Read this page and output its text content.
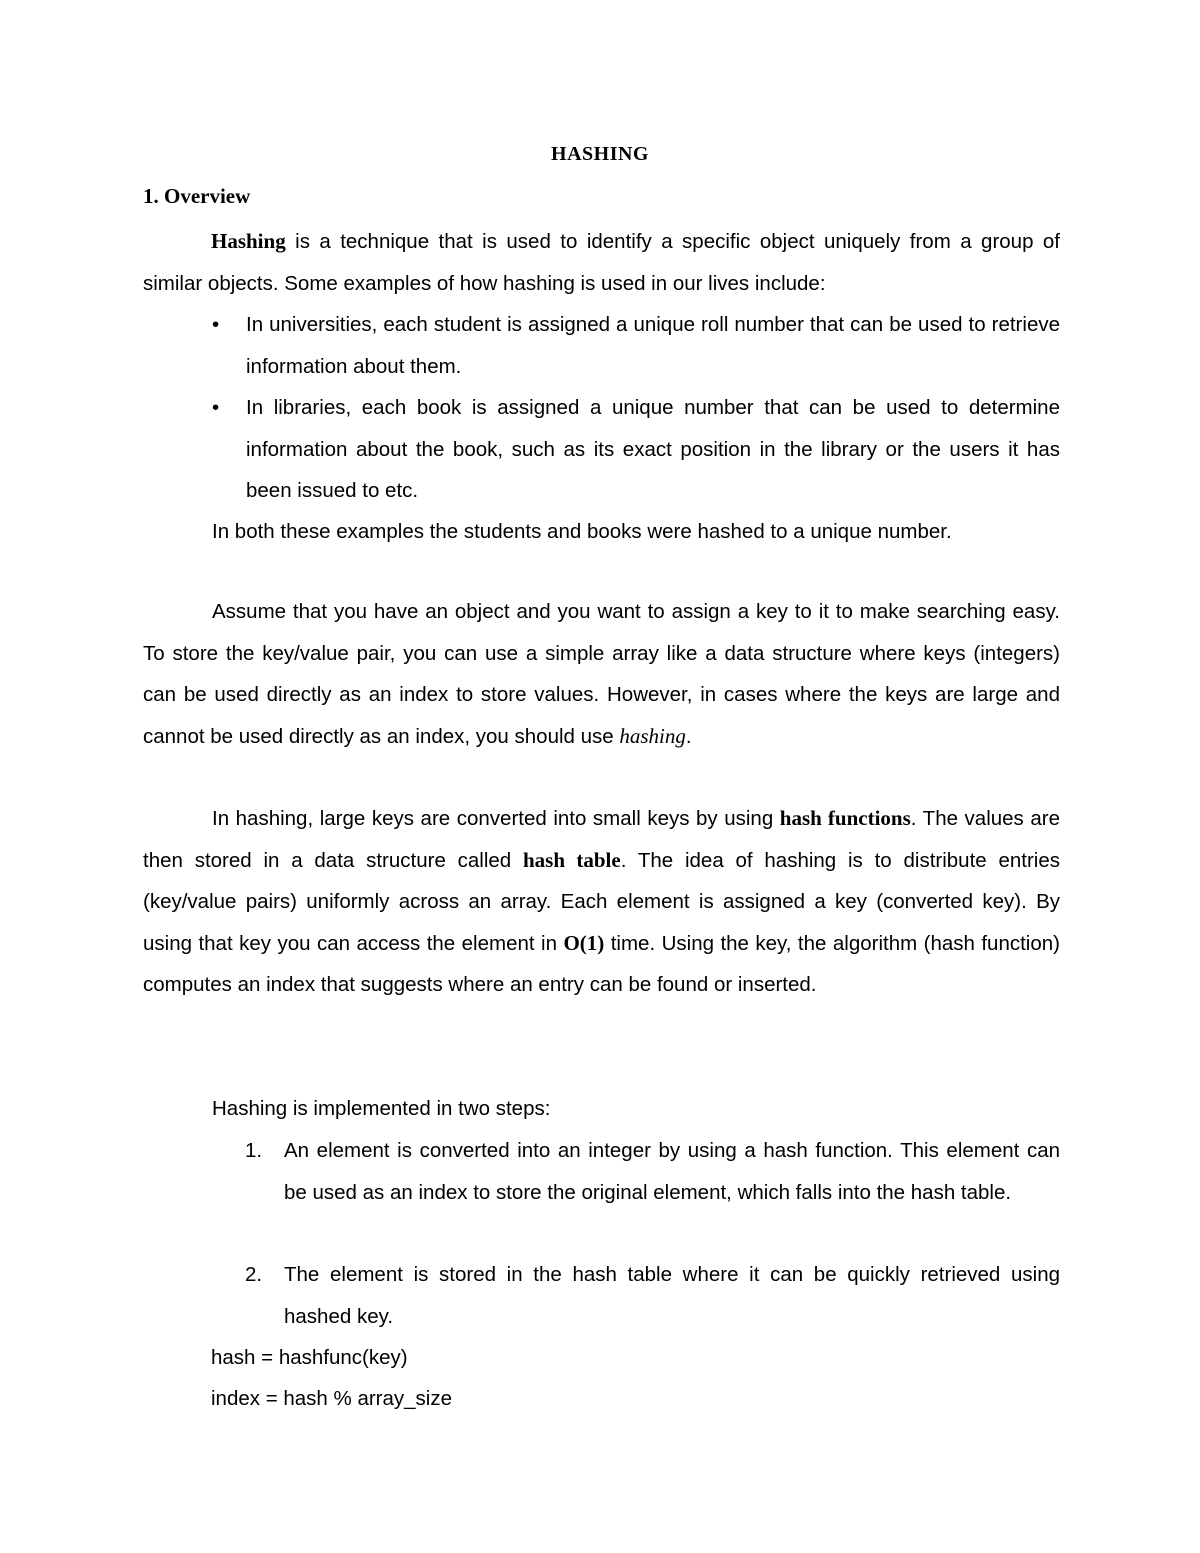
HASHING
1. Overview
Hashing is a technique that is used to identify a specific object uniquely from a group of similar objects. Some examples of how hashing is used in our lives include:
• In universities, each student is assigned a unique roll number that can be used to retrieve information about them.
• In libraries, each book is assigned a unique number that can be used to determine information about the book, such as its exact position in the library or the users it has been issued to etc.
In both these examples the students and books were hashed to a unique number.
Assume that you have an object and you want to assign a key to it to make searching easy. To store the key/value pair, you can use a simple array like a data structure where keys (integers) can be used directly as an index to store values. However, in cases where the keys are large and cannot be used directly as an index, you should use hashing.
In hashing, large keys are converted into small keys by using hash functions. The values are then stored in a data structure called hash table. The idea of hashing is to distribute entries (key/value pairs) uniformly across an array. Each element is assigned a key (converted key). By using that key you can access the element in O(1) time. Using the key, the algorithm (hash function) computes an index that suggests where an entry can be found or inserted.
Hashing is implemented in two steps:
1. An element is converted into an integer by using a hash function. This element can be used as an index to store the original element, which falls into the hash table.
2. The element is stored in the hash table where it can be quickly retrieved using hashed key.
hash = hashfunc(key)
index = hash % array_size
